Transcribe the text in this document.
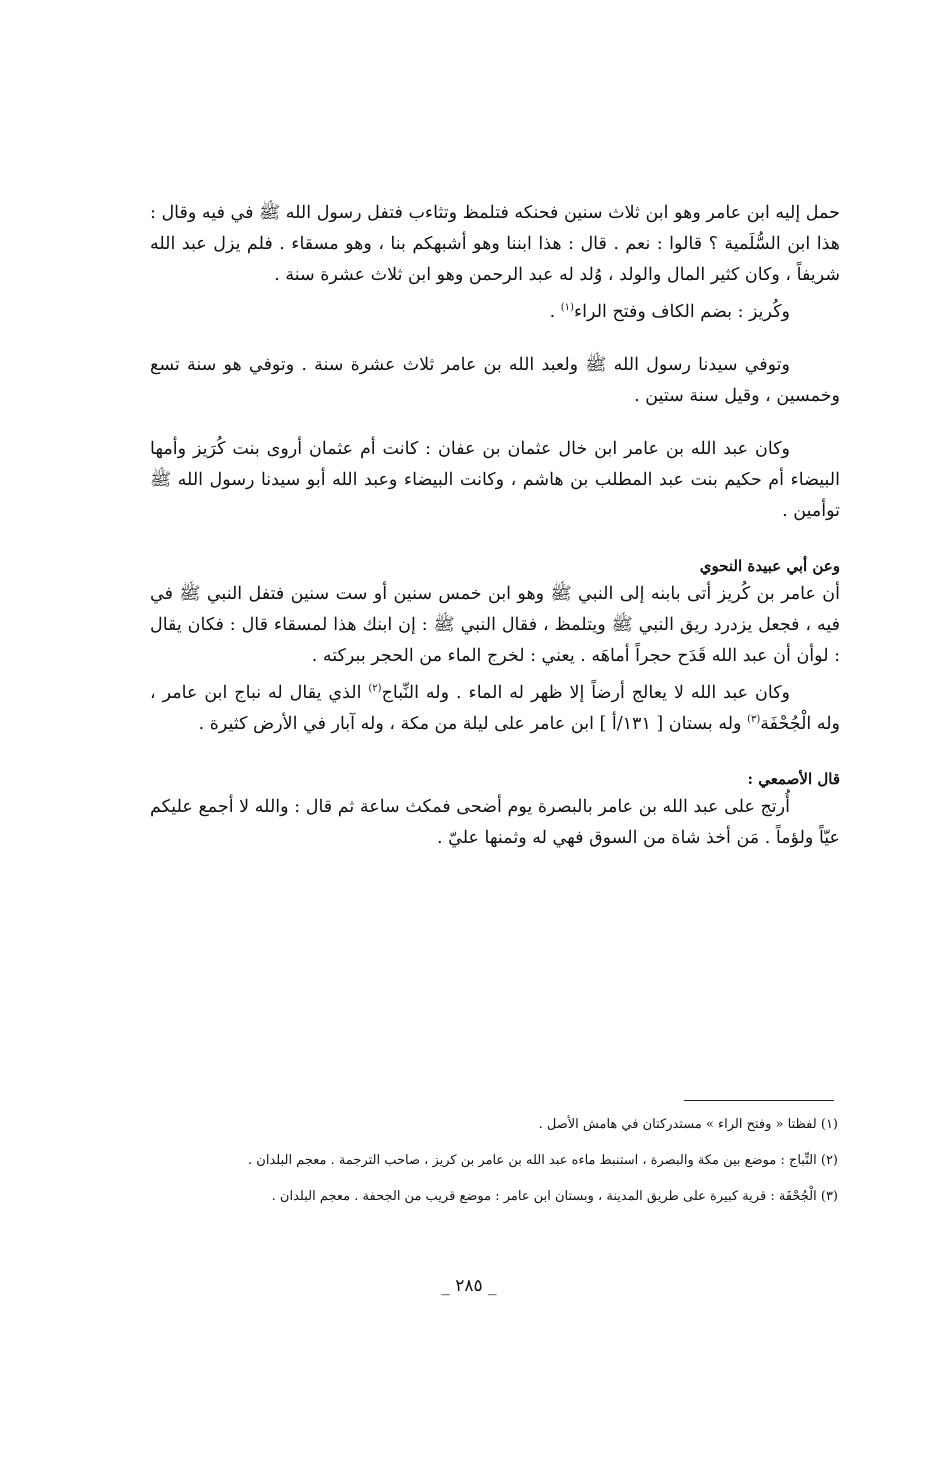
حمل إليه ابن عامر وهو ابن ثلاث سنين فحنكه فتلمظ وتثاءب فتفل رسول الله ﷺ في فيه وقال : هذا ابن السُّلَمية ؟ قالوا : نعم . قال : هذا ابننا وهو أشبهكم بنا ، وهو مسقاء . فلم يزل عبد الله شريفاً ، وكان كثير المال والولد ، وُلد له عبد الرحمن وهو ابن ثلاث عشرة سنة .

وكُريز : بضم الكاف وفتح الراء$^{(١)}$ .

وتوفي سيدنا رسول الله ﷺ ولعبد الله بن عامر ثلاث عشرة سنة . وتوفي هو سنة تسع وخمسين ، وقيل سنة ستين .

وكان عبد الله بن عامر ابن خال عثمان بن عفان : كانت أم عثمان أروى بنت كُرَيز وأمها البيضاء أم حكيم بنت عبد المطلب بن هاشم ، وكانت البيضاء وعبد الله أبو سيدنا رسول الله ﷺ توأمين .

وعن أبي عبيدة النحوي

أن عامر بن كُريز أتى بابنه إلى النبي ﷺ وهو ابن خمس سنين أو ست سنين فتفل النبي ﷺ في فيه ، فجعل يزدرد ريق النبي ﷺ ويتلمظ ، فقال النبي ﷺ : إن ابنك هذا لمسقاء قال : فكان يقال : لوأن أن عبد الله قَدَح حجراً أماهَه . يعني : لخرج الماء من الحجر ببركته .

وكان عبد الله لا يعالج أرضاً إلا ظهر له الماء . وله النِّباج$^{(٢)}$ الذي يقال له نباج ابن عامر ، وله الْجُحْفَة$^{(٣)}$ وله بستان [ ١٣١/أ ] ابن عامر على ليلة من مكة ، وله آبار في الأرض كثيرة .

قال الأصمعي :

أُرتج على عبد الله بن عامر بالبصرة يوم أضحى فمكث ساعة ثم قال : والله لا أجمع عليكم عيّاً ولؤماً . مَن أخذ شاة من السوق فهي له وثمنها عليّ .

(١) لفظتا « وفتح الراء » مستدركتان في هامش الأصل .

(٢) النِّباج : موضع بين مكة والبصرة ، استنبط ماءه عبد الله بن عامر بن كريز ، صاحب الترجمة . معجم البلدان .

(٣) الْجُحْفَة : قرية كبيرة على طريق المدينة ، وبستان ابن عامر : موضع قريب من الجحفة . معجم البلدان .

_ ٢٨٥ _
